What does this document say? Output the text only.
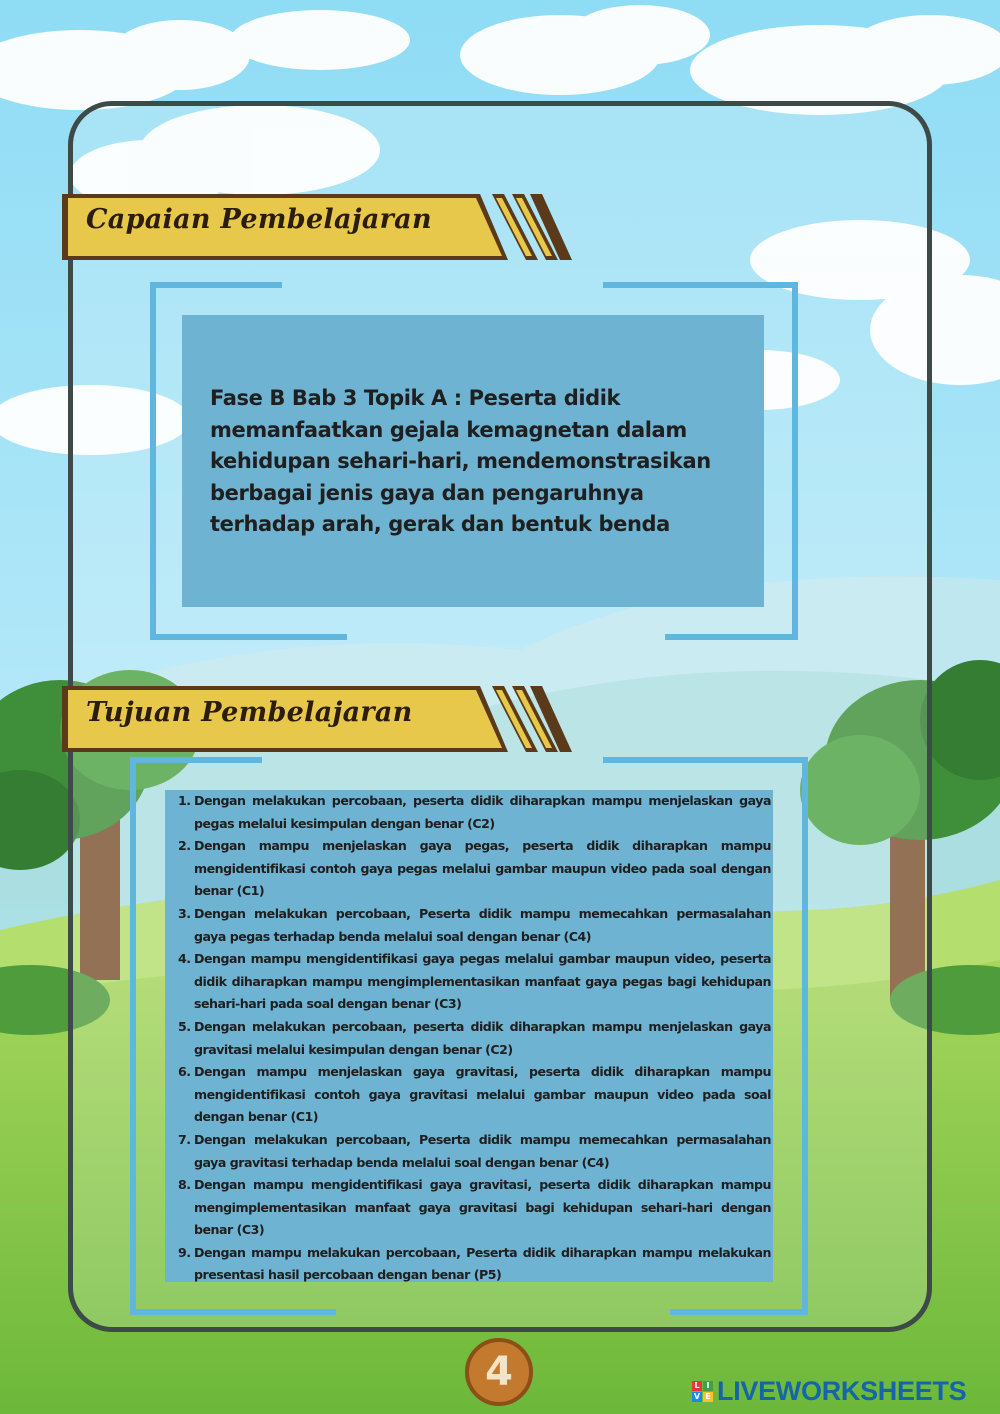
Capaian Pembelajaran
Fase B Bab 3 Topik A : Peserta didik memanfaatkan gejala kemagnetan dalam kehidupan sehari-hari, mendemonstrasikan berbagai jenis gaya dan pengaruhnya terhadap arah, gerak dan bentuk benda
Tujuan Pembelajaran
1. Dengan melakukan percobaan, peserta didik diharapkan mampu menjelaskan gaya pegas melalui kesimpulan dengan benar (C2)
2. Dengan mampu menjelaskan gaya pegas, peserta didik diharapkan mampu mengidentifikasi contoh gaya pegas melalui gambar maupun video pada soal dengan benar (C1)
3. Dengan melakukan percobaan, Peserta didik mampu memecahkan permasalahan gaya pegas terhadap benda melalui soal dengan benar (C4)
4. Dengan mampu mengidentifikasi gaya pegas melalui gambar maupun video, peserta didik diharapkan mampu mengimplementasikan manfaat gaya pegas bagi kehidupan sehari-hari pada soal dengan benar (C3)
5. Dengan melakukan percobaan, peserta didik diharapkan mampu menjelaskan gaya gravitasi melalui kesimpulan dengan benar (C2)
6. Dengan mampu menjelaskan gaya gravitasi, peserta didik diharapkan mampu mengidentifikasi contoh gaya gravitasi melalui gambar maupun video pada soal dengan benar (C1)
7. Dengan melakukan percobaan, Peserta didik mampu memecahkan permasalahan gaya gravitasi terhadap benda melalui soal dengan benar (C4)
8. Dengan mampu mengidentifikasi gaya gravitasi, peserta didik diharapkan mampu mengimplementasikan manfaat gaya gravitasi bagi kehidupan sehari-hari dengan benar (C3)
9. Dengan mampu melakukan percobaan, Peserta didik diharapkan mampu melakukan presentasi hasil percobaan dengan benar (P5)
4	L I
V E LIVEWORKSHEETS
